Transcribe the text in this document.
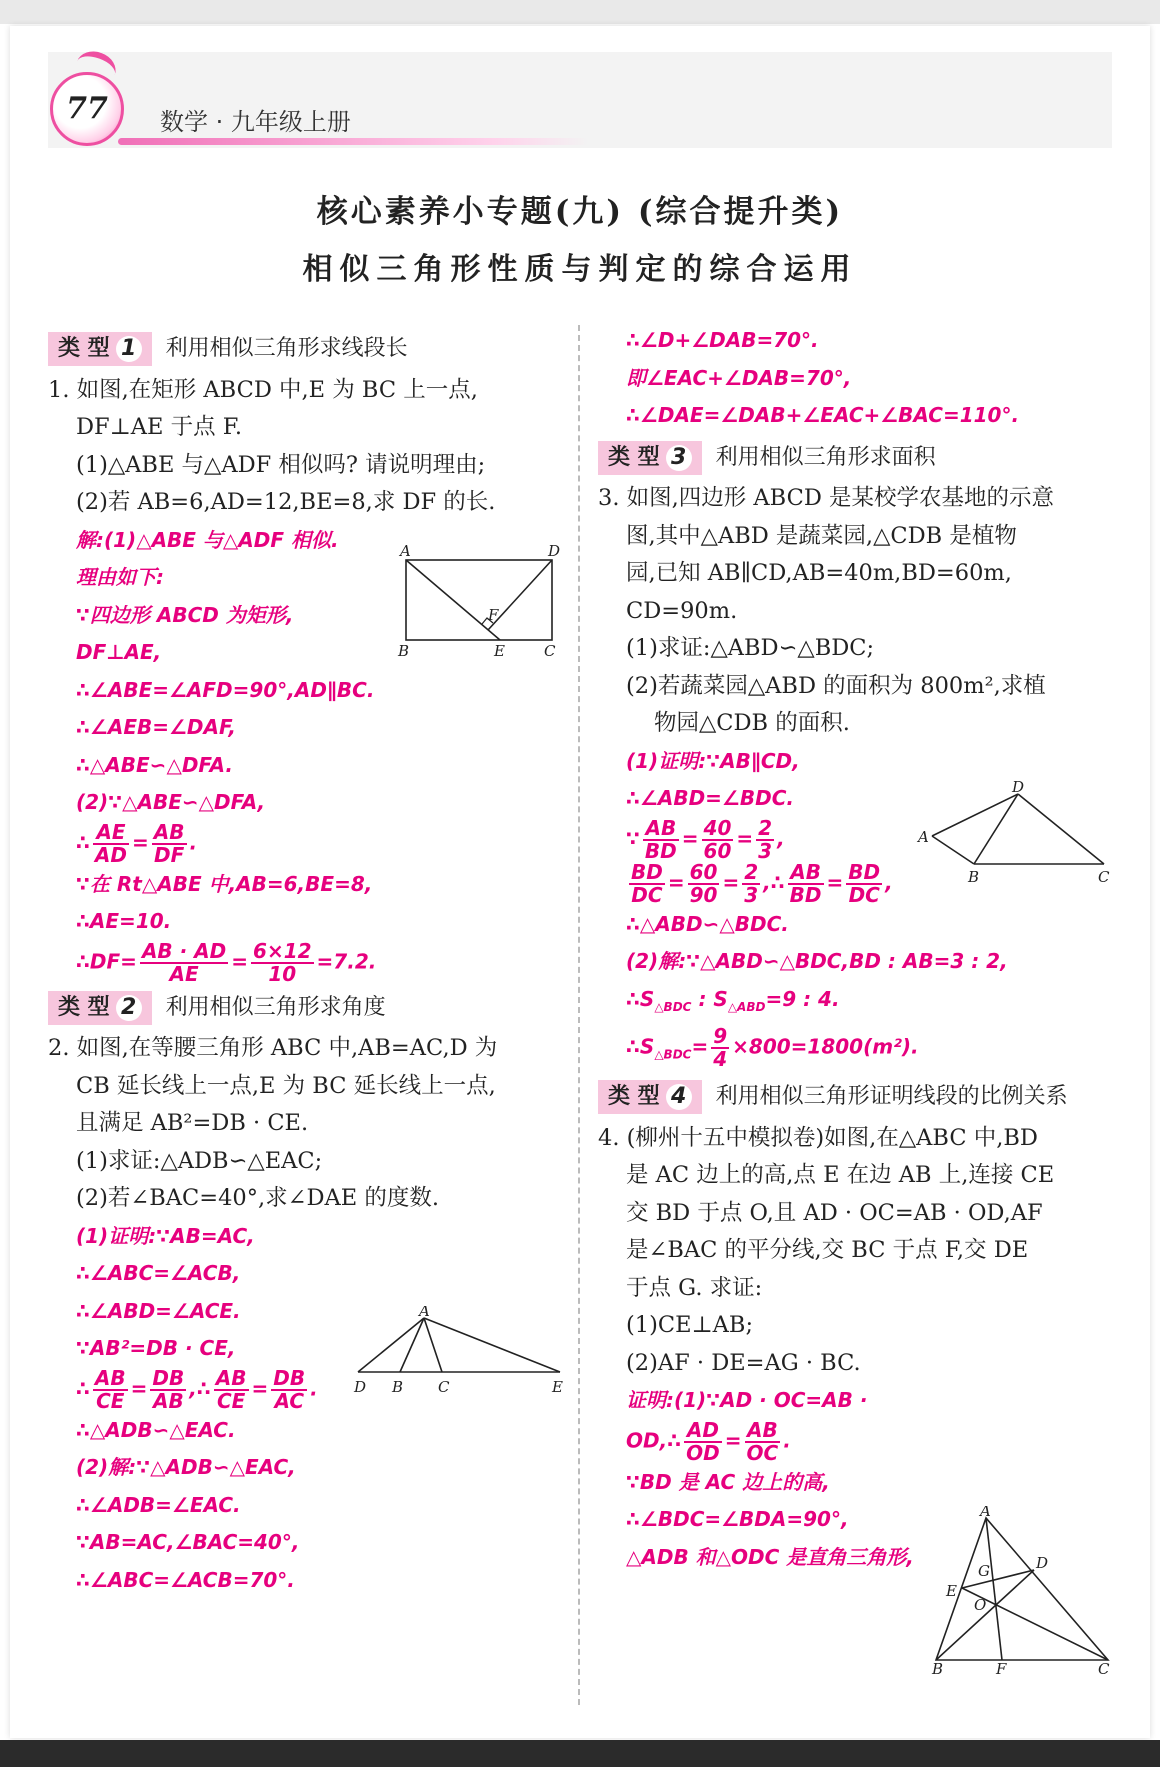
77	数学 · 九年级上册
核心素养小专题(九) (综合提升类)
相似三角形性质与判定的综合运用

类 型 1 利用相似三角形求线段长

1. 如图,在矩形 ABCD 中,E 为 BC 上一点,

DF⊥AE 于点 F.

(1)△ABE 与△ADF 相似吗? 请说明理由;

(2)若 AB=6,AD=12,BE=8,求 DF 的长.

解:(1)△ABE 与△ADF 相似.

理由如下:

∵四边形 ABCD 为矩形,

DF⊥AE,

∴∠ABE=∠AFD=90°,AD∥BC.

∴∠AEB=∠DAF,

∴△ABE∽△DFA.

(2)∵△ABE∽△DFA,

∴ $\frac{AE}{AD} = \frac{AB}{DF}$ .

∵在 Rt△ABE 中,AB=6,BE=8,

∴AE=10.

∴DF= $\frac{AB \cdot AD}{AE} = \frac{6\times 12}{10} =7.2$.

类 型 2 利用相似三角形求角度

2. 如图,在等腰三角形 ABC 中,AB=AC,D 为

CB 延长线上一点,E 为 BC 延长线上一点,

且满足 AB²=DB · CE.

(1)求证:△ADB∽△EAC;

(2)若∠BAC=40°,求∠DAE 的度数.

(1)证明:∵AB=AC,

∴∠ABC=∠ACB,

∴∠ABD=∠ACE.

∵AB²=DB · CE,

∴ $\frac{AB}{CE} = \frac{DB}{AB}$ ,∴ $\frac{AB}{CE} = \frac{DB}{AC}$ .

∴△ADB∽△EAC.

(2)解:∵△ADB∽△EAC,

∴∠ADB=∠EAC.

∵AB=AC,∠BAC=40°,

∴∠ABC=∠ACB=70°.

A	D
B	E	C
F
A
D B C	E

∴∠D+∠DAB=70°.

即∠EAC+∠DAB=70°,

∴∠DAE=∠DAB+∠EAC+∠BAC=110°.

类 型 3 利用相似三角形求面积

3. 如图,四边形 ABCD 是某校学农基地的示意

图,其中△ABD 是蔬菜园,△CDB 是植物

园,已知 AB∥CD,AB=40m,BD=60m,

CD=90m.

(1)求证:△ABD∽△BDC;

(2)若蔬菜园△ABD 的面积为 800m²,求植

物园△CDB 的面积.

(1)证明:∵AB∥CD,

∴∠ABD=∠BDC.

∵ $\frac{AB}{BD} = \frac{40}{60} = \frac{2}{3}$ ,

$\frac{BD}{DC} = \frac{60}{90} = \frac{2}{3}$ ,∴ $\frac{AB}{BD} = \frac{BD}{DC}$ ,

∴△ABD∽△BDC.

(2)解:∵△ABD∽△BDC,BD : AB=3 : 2,

$\therefore S_{\triangle BDC}$ : $S_{\triangle ABD}=9$ : 4.

$\therefore S_{\triangle BDC}= \frac{9}{4} \times 800=1800(m^2)$.

类 型 4 利用相似三角形证明线段的比例关系

4. (柳州十五中模拟卷)如图,在△ABC 中,BD

是 AC 边上的高,点 E 在边 AB 上,连接 CE

交 BD 于点 O,且 AD · OC=AB · OD,AF

是∠BAC 的平分线,交 BC 于点 F,交 DE

于点 G. 求证:

(1)CE⊥AB;

(2)AF · DE=AG · BC.

证明:(1)∵AD · OC=AB ·

OD,∴ $\frac{AD}{OD} = \frac{AB}{OC}$ .

∵BD 是 AC 边上的高,

∴∠BDC=∠BDA=90°,

△ADB 和△ODC 是直角三角形,

A
B	C
D
A
B	C
D
E
F
G
O
